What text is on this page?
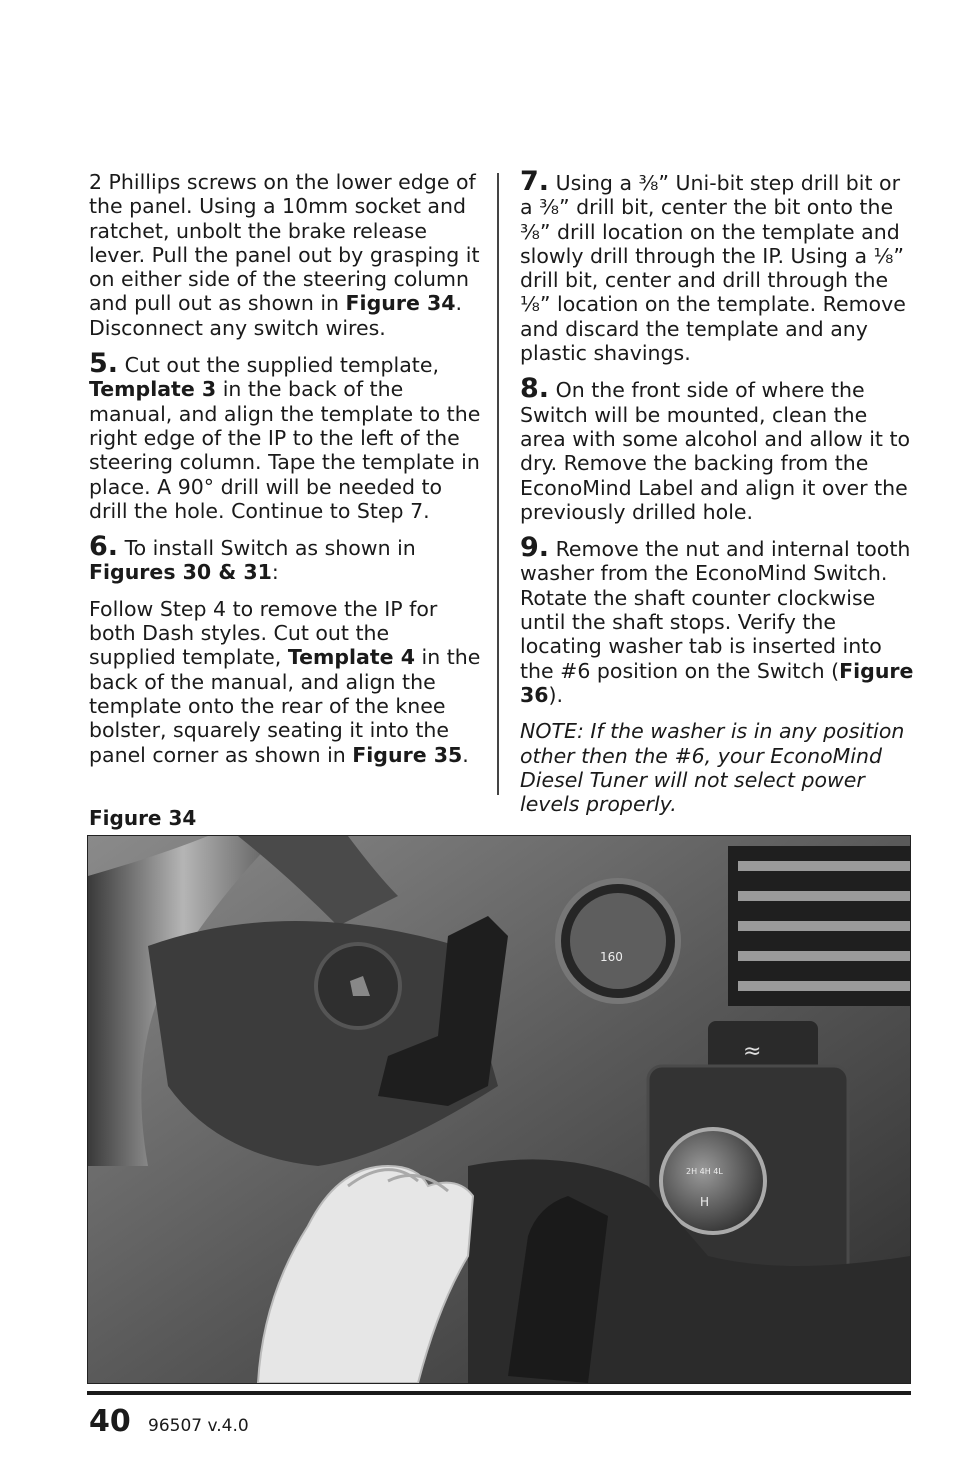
2 Phillips screws on the lower edge of the panel. Using a 10mm socket and ratchet, unbolt the brake release lever. Pull the panel out by grasping it on either side of the steering column and pull out as shown in Figure 34. Disconnect any switch wires.

5. Cut out the supplied template, Template 3 in the back of the manual, and align the template to the right edge of the IP to the left of the steering column. Tape the template in place. A 90° drill will be needed to drill the hole. Continue to Step 7.

6. To install Switch as shown in Figures 30 & 31:

Follow Step 4 to remove the IP for both Dash styles. Cut out the supplied template, Template 4 in the back of the manual, and align the template onto the rear of the knee bolster, squarely seating it into the panel corner as shown in Figure 35.

7. Using a ³⁄₈” Uni-bit step drill bit or a ³⁄₈” drill bit, center the bit onto the ³⁄₈” drill location on the template and slowly drill through the IP. Using a ¹⁄₈” drill bit, center and drill through the ¹⁄₈” location on the template. Remove and discard the template and any plastic shavings.

8. On the front side of where the Switch will be mounted, clean the area with some alcohol and allow it to dry. Remove the backing from the EconoMind Label and align it over the previously drilled hole.

9. Remove the nut and internal tooth washer from the EconoMind Switch. Rotate the shaft counter clockwise until the shaft stops. Verify the locating washer tab is inserted into the #6 position on the Switch (Figure 36).

NOTE: If the washer is in any position other then the #6, your EconoMind Diesel Tuner will not select power levels properly.

Figure 34
160
≈
2H 4H 4L
H
40 96507 v.4.0
